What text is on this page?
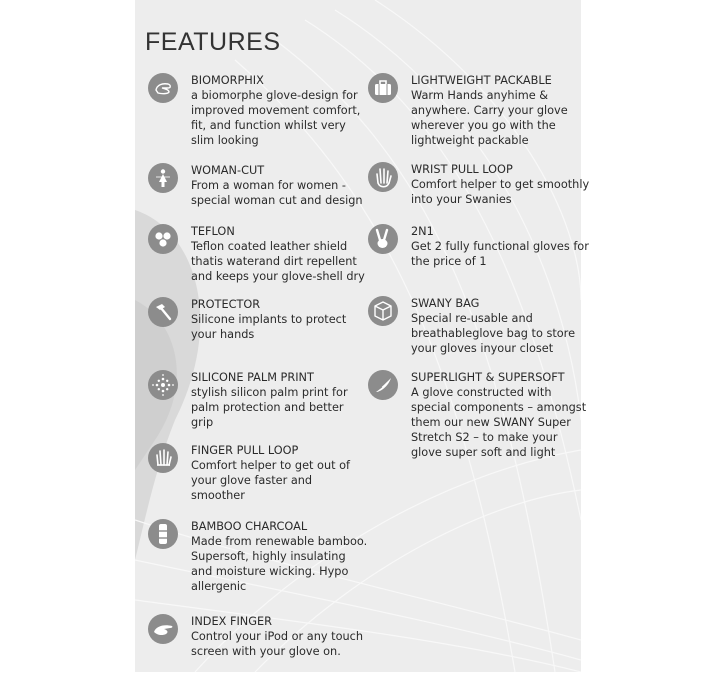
FEATURES
BIOMORPHIX
a biomorphe glove-design for improved movement comfort, fit, and function whilst very slim looking
WOMAN-CUT
From a woman for women - special woman cut and design
TEFLON
Teflon coated leather shield thatis waterand dirt repellent and keeps your glove-shell dry
PROTECTOR
Silicone implants to protect your hands
SILICONE PALM PRINT
stylish silicon palm print for palm protection and better grip
FINGER PULL LOOP
Comfort helper to get out of your glove faster and smoother
BAMBOO CHARCOAL
Made from renewable bamboo. Supersoft, highly insulating and moisture wicking. Hypo allergenic
INDEX FINGER
Control your iPod or any touch screen with your glove on.
LIGHTWEIGHT PACKABLE
Warm Hands anyhime & anywhere. Carry your glove wherever you go with the lightweight packable
WRIST PULL LOOP
Comfort helper to get smoothly into your Swanies
2N1
Get 2 fully functional gloves for the price of 1
SWANY BAG
Special re-usable and breathableglove bag to store your gloves inyour closet
SUPERLIGHT & SUPERSOFT
A glove constructed with special components – amongst them our new SWANY Super Stretch S2 – to make your glove super soft and light
